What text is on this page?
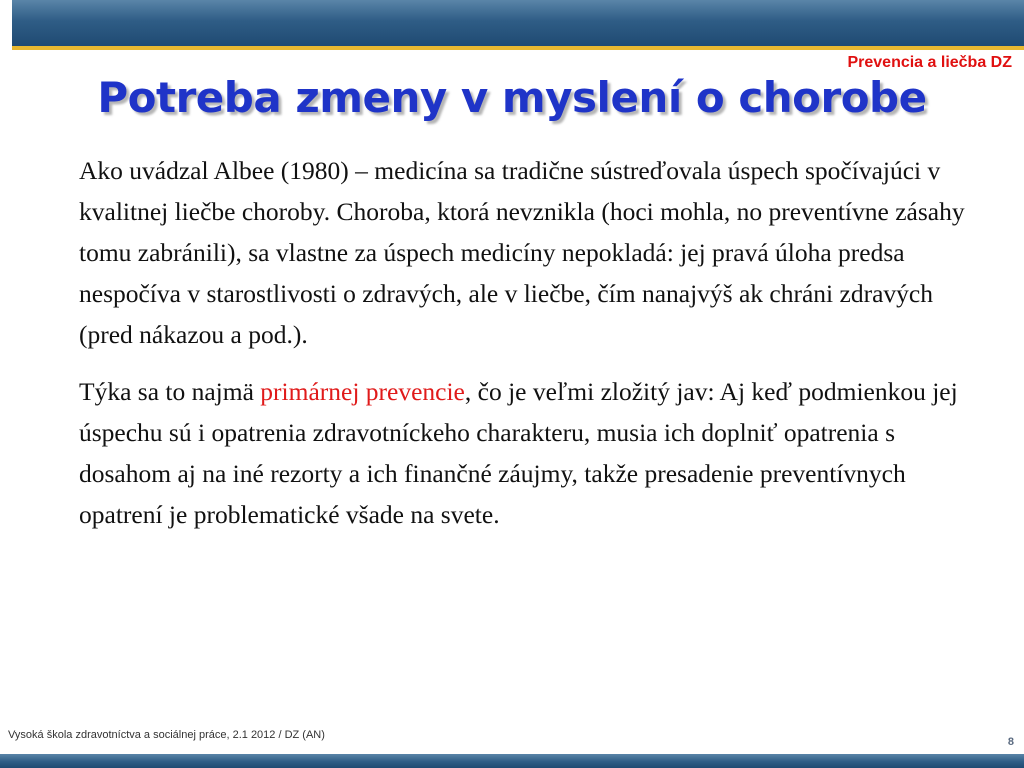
Prevencia a liečba DZ
Potreba zmeny v myslení o chorobe

Ako uvádzal Albee (1980) – medicína sa tradične sústreďovala úspech spočívajúci v kvalitnej liečbe choroby. Choroba, ktorá nevznikla (hoci mohla, no preventívne zásahy tomu zabránili), sa vlastne za úspech medicíny nepokladá: jej pravá úloha predsa nespočíva v starostlivosti o zdravých, ale v liečbe, čím nanajvýš ak chráni zdravých (pred nákazou a pod.).

Týka sa to najmä primárnej prevencie, čo je veľmi zložitý jav: Aj keď podmienkou jej úspechu sú i opatrenia zdravotníckeho charakteru, musia ich doplniť opatrenia s dosahom aj na iné rezorty a ich finančné záujmy, takže presadenie preventívnych opatrení je problematické všade na svete.

Vysoká škola zdravotníctva a sociálnej práce, 2.1 2012 / DZ (AN)
8
